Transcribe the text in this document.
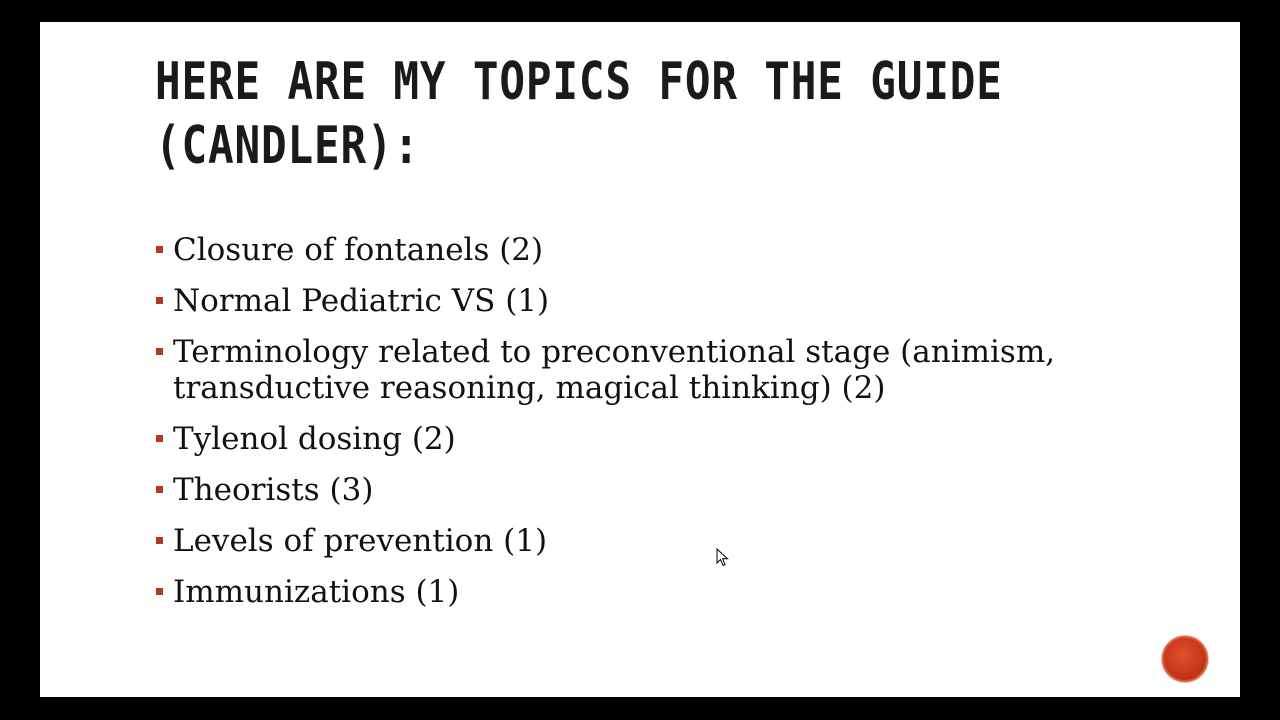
HERE ARE MY TOPICS FOR THE GUIDE
(CANDLER):
Closure of fontanels (2)
Normal Pediatric VS (1)
Terminology related to preconventional stage (animism, transductive reasoning, magical thinking) (2)
Tylenol dosing (2)
Theorists (3)
Levels of prevention (1)
Immunizations (1)
